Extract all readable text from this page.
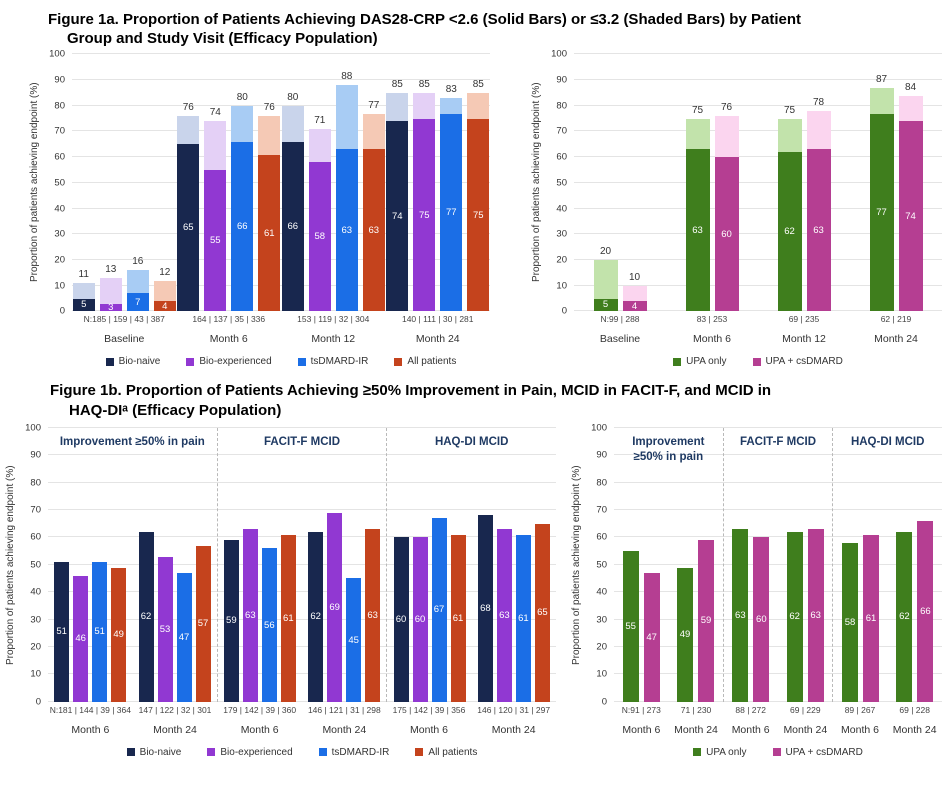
Figure 1a. Proportion of Patients Achieving DAS28-CRP <2.6 (Solid Bars) or ≤3.2 (Shaded Bars) by Patient
Group and Study Visit (Efficacy Population)
Proportion of patients achieving endpoint (%)
0
10
20
30
40
50
60
70
80
90
100
11
5
13
3
16
7
12
4
76
65
74
55
80
66
76
61
80
66
71
58
88
63
77
63
85
74
85
75
83
77
85
75
N:185 | 159 | 43 | 387	164 | 137 | 35 | 336	153 | 119 | 32 | 304	140 | 111 | 30 | 281
Baseline	Month 6	Month 12	Month 24
Bio-naive	Bio-experienced	tsDMARD-IR	All patients
Proportion of patients achieving endpoint (%)
0
10
20
30
40
50
60
70
80
90
100
20
5
10
4
75
63
76
60
75
62
78
63
87
77
84
74
N:99 | 288	83 | 253	69 | 235	62 | 219
Baseline	Month 6	Month 12	Month 24
UPA only	UPA + csDMARD
Figure 1b. Proportion of Patients Achieving ≥50% Improvement in Pain, MCID in FACIT-F, and MCID in
HAQ-DIᵃ (Efficacy Population)
Proportion of patients achieving endpoint (%)
0
10
20
30
40
50
60
70
80
90
100
Improvement ≥50% in pain
51
46
51 49
62
53
47
57
FACIT-F MCID
59 63
56
61 62
69
45
63
HAQ-DI MCID
60 60
67
61
68
63 61 65
N:181 | 144 | 39 | 364 147 | 122 | 32 | 301	179 | 142 | 39 | 360	146 | 121 | 31 | 298	175 | 142 | 39 | 356	146 | 120 | 31 | 297
Month 6	Month 24	Month 6	Month 24	Month 6	Month 24
Bio-naive	Bio-experienced	tsDMARD-IR	All patients
Proportion of patients achieving endpoint (%)
0
10
20
30
40
50
60
70
80
90
100
Improvement
≥50% in pain
55
47 49
59
FACIT-F MCID
63 60 62 63
HAQ-DI MCID
58 61 62 66
N:91 | 273	71 | 230	88 | 272	69 | 229	89 | 267	69 | 228
Month 6	Month 24	Month 6	Month 24	Month 6	Month 24
UPA only	UPA + csDMARD
